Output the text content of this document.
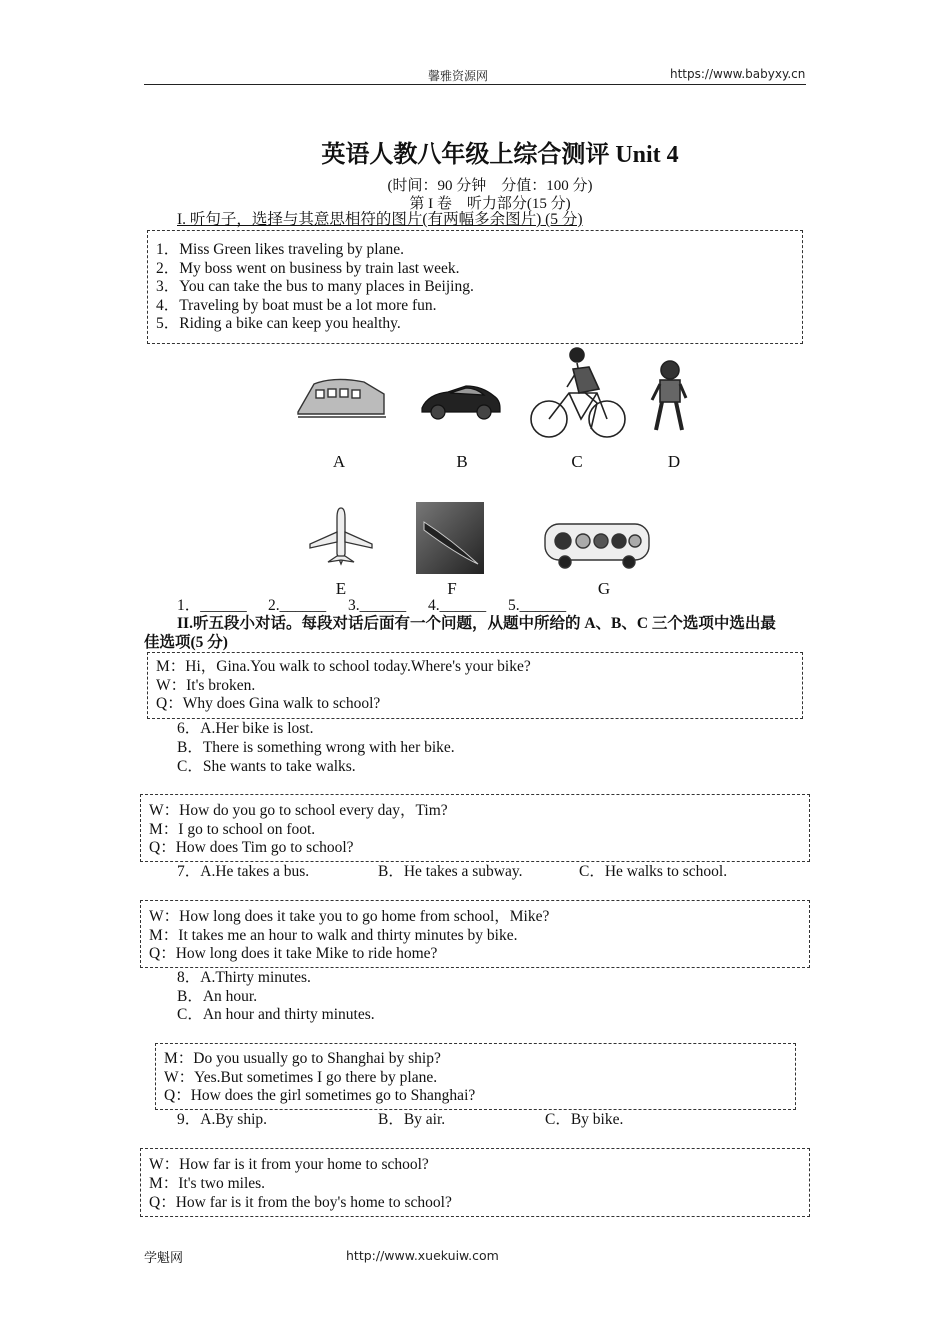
馨雅资源网	https://www.babyxy.cn
英语人教八年级上综合测评 Unit 4
(时间：90 分钟　分值：100 分)
第 I 卷　听力部分(15 分)
I. 听句子，选择与其意思相符的图片(有两幅多余图片) (5 分)
1．Miss Green likes traveling by plane.
2．My boss went on business by train last week.
3．You can take the bus to many places in Beijing.
4．Traveling by boat must be a lot more fun.
5．Riding a bike can keep you healthy.
A	B	C	D
E	F	G
1．______ 2.______ 3.______ 4.______ 5.______
II.听五段小对话。每段对话后面有一个问题，从题中所给的 A、B、C 三个选项中选出最
佳选项(5 分)
M：Hi，Gina.You walk to school today.Where's your bike?
W：It's broken.
Q：Why does Gina walk to school?
6．A.Her bike is lost.
B．There is something wrong with her bike.
C．She wants to take walks.
W：How do you go to school every day，Tim?
M：I go to school on foot.
Q：How does Tim go to school?
7．A.He takes a bus.	B．He takes a subway.	C．He walks to school.
W：How long does it take you to go home from school，Mike?
M：It takes me an hour to walk and thirty minutes by bike.
Q：How long does it take Mike to ride home?
8．A.Thirty minutes.
B．An hour.
C．An hour and thirty minutes.
M：Do you usually go to Shanghai by ship?
W：Yes.But sometimes I go there by plane.
Q：How does the girl sometimes go to Shanghai?
9．A.By ship.	B．By air.	C．By bike.
W：How far is it from your home to school?
M：It's two miles.
Q：How far is it from the boy's home to school?
学魁网	http://www.xuekuiw.com
